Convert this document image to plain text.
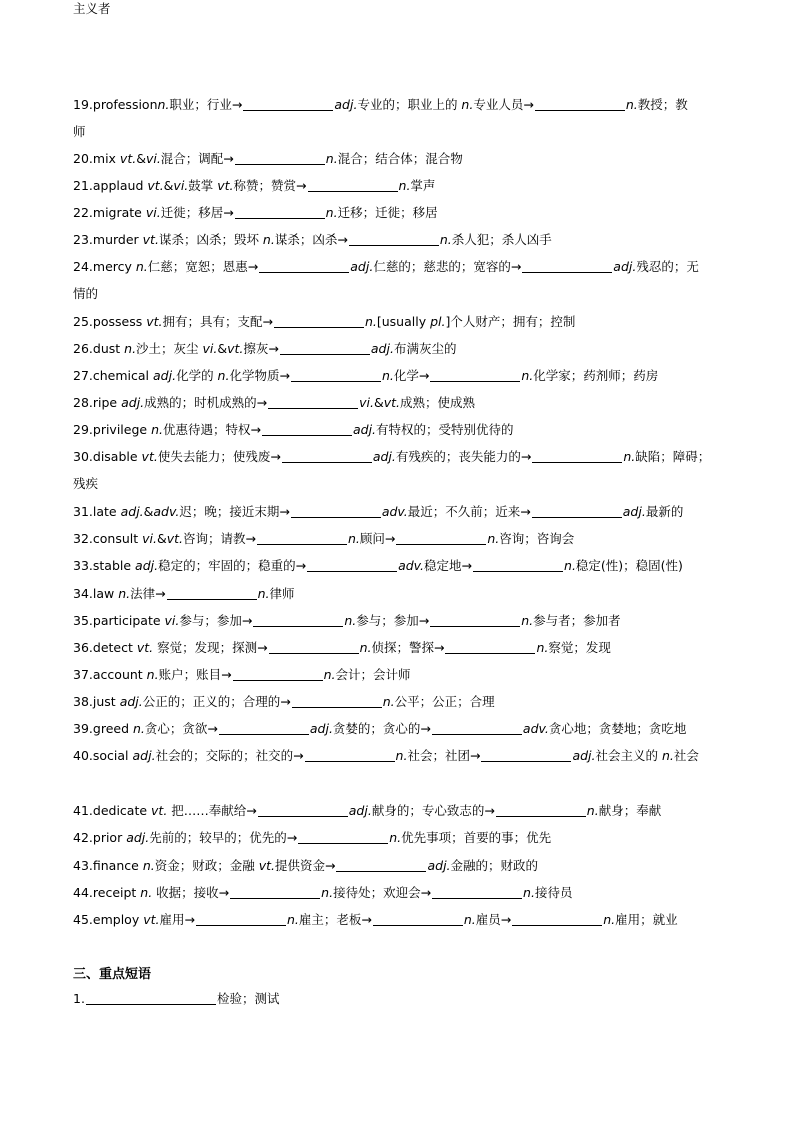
19.professionn.职业；行业→	adj.专业的；职业上的 n.专业人员→	n.教授；教
师
20.mix vt.&vi.混合；调配→	n.混合；结合体；混合物
21.applaud vt.&vi.鼓掌 vt.称赞；赞赏→	n.掌声
22.migrate vi.迁徙；移居→	n.迁移；迁徙；移居
23.murder vt.谋杀；凶杀；毁坏 n.谋杀；凶杀→	n.杀人犯；杀人凶手
24.mercy n.仁慈；宽恕；恩惠→	adj.仁慈的；慈悲的；宽容的→	adj.残忍的；无
情的
25.possess vt.拥有；具有；支配→	n.[usually pl.]个人财产；拥有；控制
26.dust n.沙土；灰尘 vi.&vt.擦灰→	adj.布满灰尘的
27.chemical adj.化学的 n.化学物质→	n.化学→	n.化学家；药剂师；药房
28.ripe adj.成熟的；时机成熟的→	vi.&vt.成熟；使成熟
29.privilege n.优惠待遇；特权→	adj.有特权的；受特别优待的
30.disable vt.使失去能力；使残废→	adj.有残疾的；丧失能力的→	n.缺陷；障碍；
残疾
31.late adj.&adv.迟；晚；接近末期→	adv.最近；不久前；近来→	adj.最新的
32.consult vi.&vt.咨询；请教→	n.顾问→	n.咨询；咨询会
33.stable adj.稳定的；牢固的；稳重的→	adv.稳定地→	n.稳定(性)；稳固(性)
34.law n.法律→	n.律师
35.participate vi.参与；参加→	n.参与；参加→	n.参与者；参加者
36.detect vt. 察觉；发现；探测→	n.侦探；警探→	n.察觉；发现
37.account n.账户；账目→	n.会计；会计师
38.just adj.公正的；正义的；合理的→	n.公平；公正；合理
39.greed n.贪心；贪欲→	adj.贪婪的；贪心的→	adv.贪心地；贪婪地；贪吃地
40.social adj.社会的；交际的；社交的→	n.社会；社团→	adj.社会主义的 n.社会
主义者
41.dedicate vt. 把……奉献给→	adj.献身的；专心致志的→	n.献身；奉献
42.prior adj.先前的；较早的；优先的→	n.优先事项；首要的事；优先
43.finance n.资金；财政；金融 vt.提供资金→	adj.金融的；财政的
44.receipt n. 收据；接收→	n.接待处；欢迎会→	n.接待员
45.employ vt.雇用→	n.雇主；老板→	n.雇员→	n.雇用；就业
三、重点短语
1.	检验；测试
